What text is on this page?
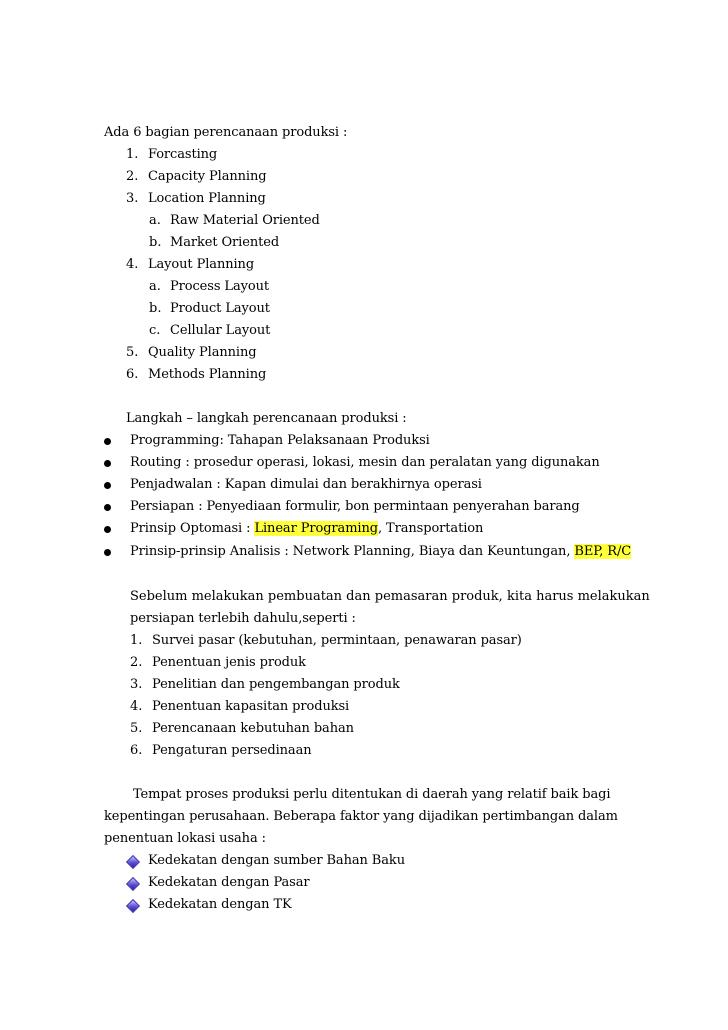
Ada 6 bagian perencanaan produksi :
1. Forcasting
2. Capacity Planning
3. Location Planning
a. Raw Material Oriented
b. Market Oriented
4. Layout Planning
a. Process Layout
b. Product Layout
c. Cellular Layout
5. Quality Planning
6. Methods Planning
Langkah – langkah perencanaan produksi :
Programming: Tahapan Pelaksanaan Produksi
Routing : prosedur operasi, lokasi, mesin dan peralatan yang digunakan
Penjadwalan : Kapan dimulai dan berakhirnya operasi
Persiapan : Penyediaan formulir, bon permintaan penyerahan barang
Prinsip Optomasi : Linear Programing, Transportation
Prinsip-prinsip Analisis : Network Planning, Biaya dan Keuntungan, BEP, R/C
Sebelum melakukan pembuatan dan pemasaran produk, kita harus melakukan
persiapan terlebih dahulu,seperti :
1. Survei pasar (kebutuhan, permintaan, penawaran pasar)
2. Penentuan jenis produk
3. Penelitian dan pengembangan produk
4. Penentuan kapasitan produksi
5. Perencanaan kebutuhan bahan
6. Pengaturan persedinaan
Tempat proses produksi perlu ditentukan di daerah yang relatif baik bagi
kepentingan perusahaan. Beberapa faktor yang dijadikan pertimbangan dalam
penentuan lokasi usaha :
Kedekatan dengan sumber Bahan Baku
Kedekatan dengan Pasar
Kedekatan dengan TK
